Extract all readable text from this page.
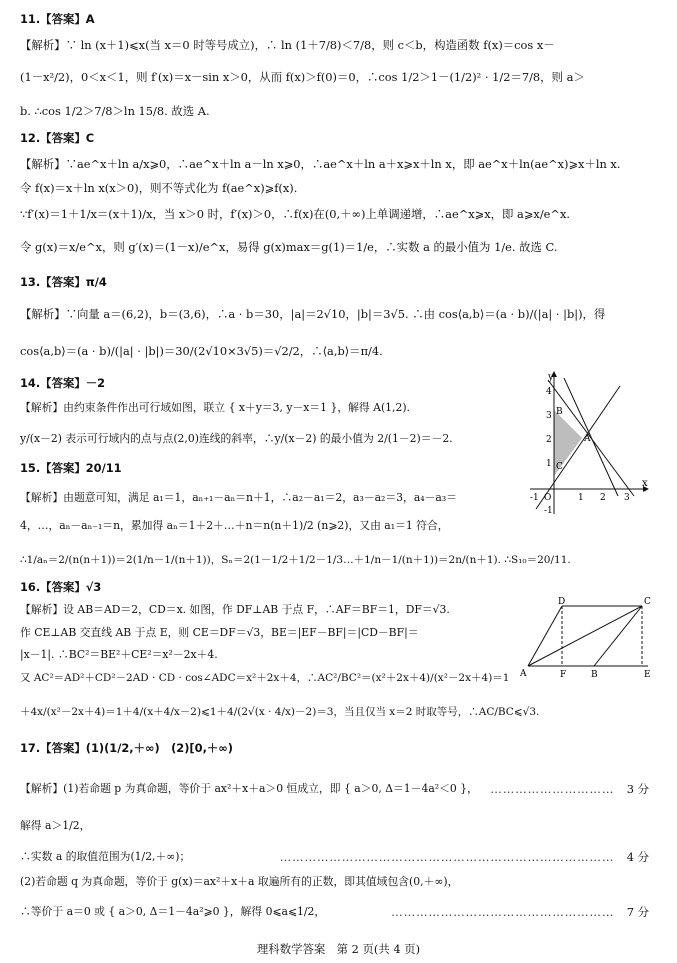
11.【答案】A
【解析】∵ ln (x＋1)⩽x(当 x＝0 时等号成立)，∴ ln (1＋7/8)＜7/8，则 c＜b，构造函数 f(x)＝cos x－
(1－x²/2)，0＜x＜1，则 f′(x)＝x－sin x＞0，从而 f(x)＞f(0)＝0，∴cos 1/2＞1－(1/2)² · 1/2＝7/8，则 a＞
b. ∴cos 1/2＞7/8＞ln 15/8. 故选 A.
12.【答案】C
【解析】∵ae^x＋ln a/x⩾0，∴ae^x＋ln a－ln x⩾0，∴ae^x＋ln a＋x⩾x＋ln x，即 ae^x＋ln(ae^x)⩾x＋ln x.
令 f(x)＝x＋ln x(x＞0)，则不等式化为 f(ae^x)⩾f(x).
∵f′(x)＝1＋1/x＝(x＋1)/x，当 x＞0 时，f′(x)＞0，∴f(x)在(0,＋∞)上单调递增，∴ae^x⩾x，即 a⩾x/e^x.
令 g(x)＝x/e^x，则 g′(x)＝(1－x)/e^x，易得 g(x)max＝g(1)＝1/e，∴实数 a 的最小值为 1/e. 故选 C.
13.【答案】π/4
【解析】∵向量 a＝(6,2)，b＝(3,6)，∴a · b＝30，|a|＝2√10，|b|＝3√5. ∴由 cos⟨a,b⟩＝(a · b)/(|a| · |b|)，得
cos⟨a,b⟩＝(a · b)/(|a| · |b|)＝30/(2√10×3√5)＝√2/2，∴⟨a,b⟩＝π/4.
14.【答案】－2
【解析】由约束条件作出可行域如图，联立 { x＋y＝3, y－x＝1 }，解得 A(1,2).
y/(x－2) 表示可行域内的点与点(2,0)连线的斜率，∴y/(x－2) 的最小值为 2/(1－2)＝－2.
y
x
O
A
B
C
-1	1 2 3
-1
1
2
3
4
15.【答案】20/11
【解析】由题意可知，满足 a₁＝1，aₙ₊₁－aₙ＝n＋1，∴a₂－a₁＝2，a₃－a₂＝3，a₄－a₃＝
4，…，aₙ－aₙ₋₁＝n，累加得 aₙ＝1＋2＋…＋n＝n(n＋1)/2 (n⩾2)，又由 a₁＝1 符合，
∴1/aₙ＝2/(n(n＋1))＝2(1/n－1/(n＋1))，Sₙ＝2(1－1/2＋1/2－1/3…＋1/n－1/(n＋1))＝2n/(n＋1). ∴S₁₀＝20/11.
16.【答案】√3
【解析】设 AB＝AD＝2，CD＝x. 如图，作 DF⊥AB 于点 F，∴AF＝BF＝1，DF＝√3.
作 CE⊥AB 交直线 AB 于点 E，则 CE＝DF＝√3，BE＝|EF－BF|＝|CD－BF|＝
|x－1|. ∴BC²＝BE²＋CE²＝x²－2x＋4.
又 AC²＝AD²＋CD²－2AD · CD · cos∠ADC＝x²＋2x＋4，∴AC²/BC²＝(x²＋2x＋4)/(x²－2x＋4)＝1
＋4x/(x²－2x＋4)＝1＋4/(x＋4/x－2)⩽1＋4/(2√(x · 4/x)－2)＝3，当且仅当 x＝2 时取等号，∴AC/BC⩽√3.
A	F	B	E
D	C
17.【答案】(1)(1/2,＋∞)　(2)[0,＋∞)
【解析】(1)若命题 p 为真命题，等价于 ax²＋x＋a＞0 恒成立，即 { a＞0, Δ＝1－4a²＜0 }， …………………………　3 分
解得 a＞1/2，
∴实数 a 的取值范围为(1/2,＋∞)；	………………………………………………………………………　4 分
(2)若命题 q 为真命题，等价于 g(x)＝ax²＋x＋a 取遍所有的正数，即其值域包含(0,＋∞)，
∴等价于 a＝0 或 { a＞0, Δ＝1－4a²⩾0 }，解得 0⩽a⩽1/2，	………………………………………………　7 分
理科数学答案　第 2 页(共 4 页)
